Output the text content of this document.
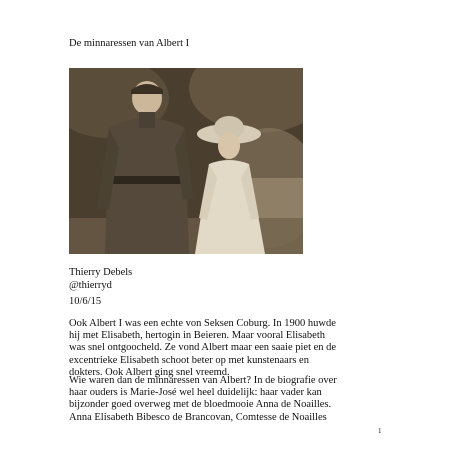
De minnaressen van Albert I
Thierry Debels
@thierryd
10/6/15
Ook Albert I was een echte von Seksen Coburg. In 1900 huwde
hij met Elisabeth, hertogin in Beieren. Maar vooral Elisabeth
was snel ontgoocheld. Ze vond Albert maar een saaie piet en de
excentrieke Elisabeth schoot beter op met kunstenaars en
dokters. Ook Albert ging snel vreemd.
Wie waren dan de minnaressen van Albert? In de biografie over
haar ouders is Marie-José wel heel duidelijk: haar vader kan
bijzonder goed overweg met de bloedmooie Anna de Noailles.
Anna Elisabeth Bibesco de Brancovan, Comtesse de Noailles
1
